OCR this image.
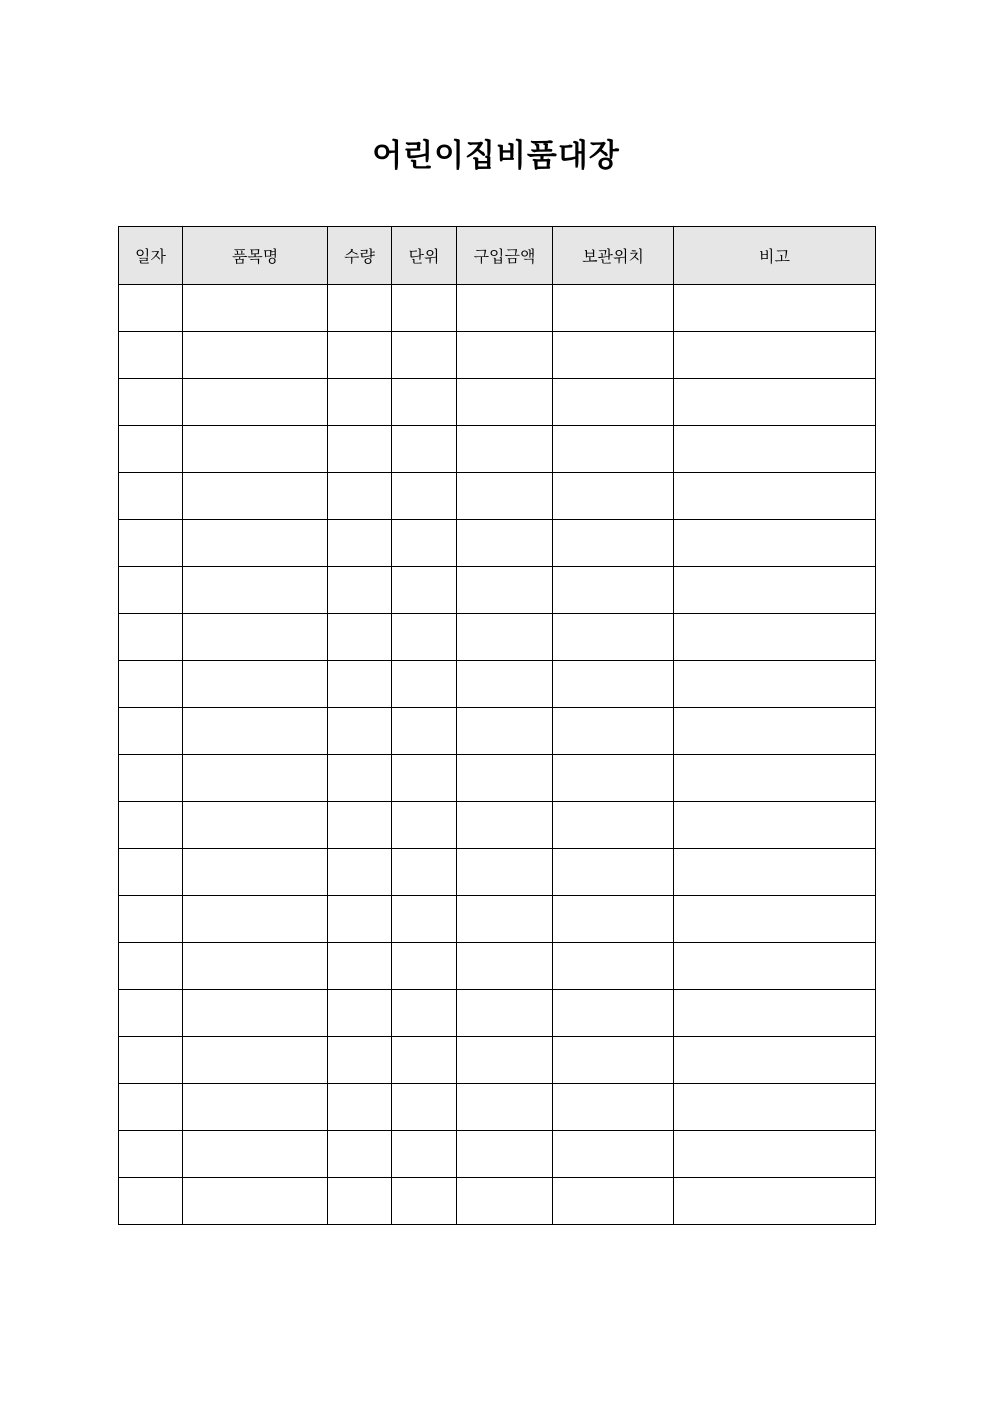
어린이집비품대장
일자	품목명	수량	단위	구입금액	보관위치	비고
